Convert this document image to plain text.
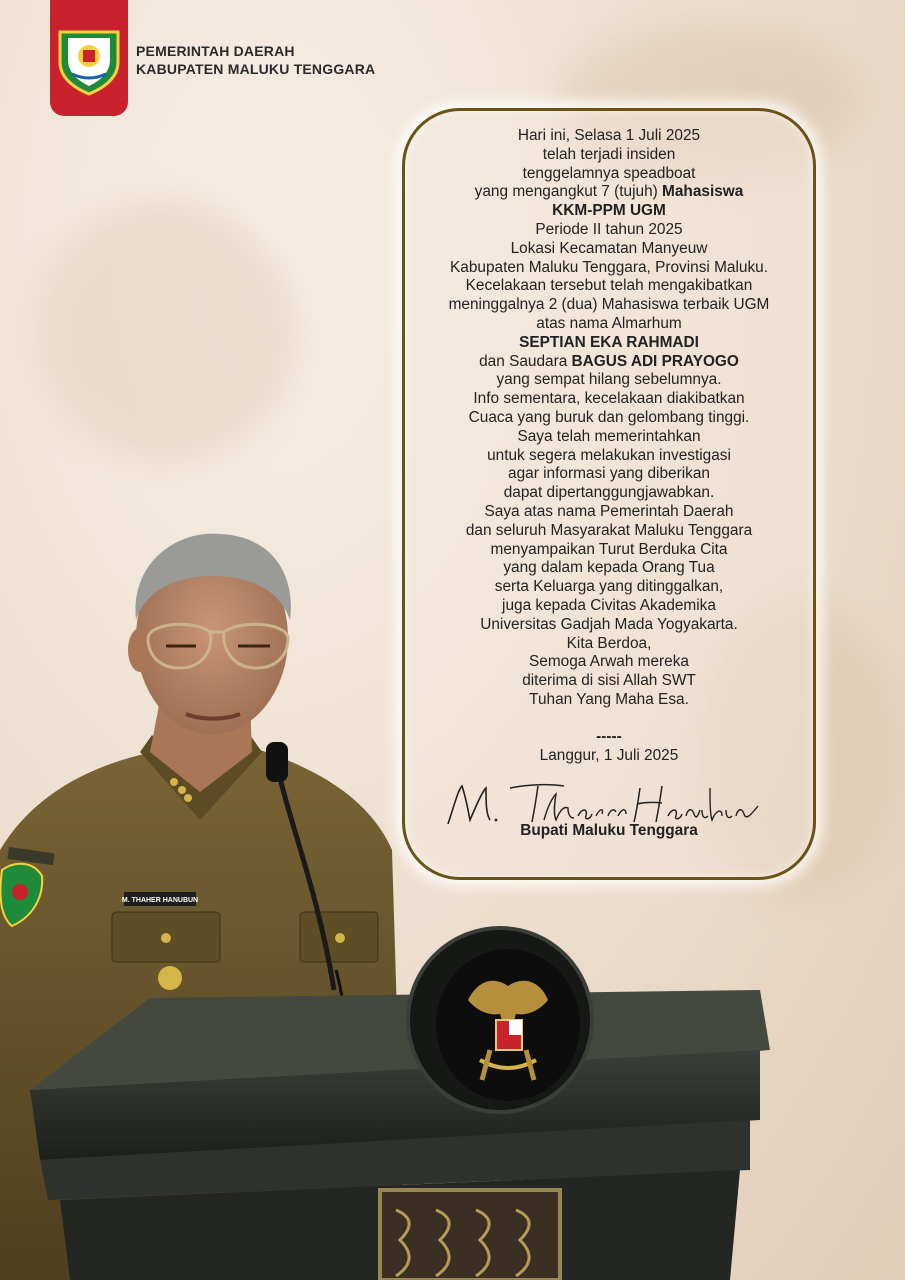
PEMERINTAH DAERAH
KABUPATEN MALUKU TENGGARA
Hari ini, Selasa 1 Juli 2025
telah terjadi insiden
tenggelamnya speadboat
yang mengangkut 7 (tujuh) Mahasiswa
KKM-PPM UGM
Periode II tahun 2025
Lokasi Kecamatan Manyeuw
Kabupaten Maluku Tenggara, Provinsi Maluku.
Kecelakaan tersebut telah mengakibatkan
meninggalnya 2 (dua) Mahasiswa terbaik UGM
atas nama Almarhum
SEPTIAN EKA RAHMADI
dan Saudara BAGUS ADI PRAYOGO
yang sempat hilang sebelumnya.
Info sementara, kecelakaan diakibatkan
Cuaca yang buruk dan gelombang tinggi.
Saya telah memerintahkan
untuk segera melakukan investigasi
agar informasi yang diberikan
dapat dipertanggungjawabkan.
Saya atas nama Pemerintah Daerah
dan seluruh Masyarakat Maluku Tenggara
menyampaikan Turut Berduka Cita
yang dalam kepada Orang Tua
serta Keluarga yang ditinggalkan,
juga kepada Civitas Akademika
Universitas Gadjah Mada Yogyakarta.
Kita Berdoa,
Semoga Arwah mereka
diterima di sisi Allah SWT
Tuhan Yang Maha Esa.
-----
Langgur, 1 Juli 2025
Bupati Maluku Tenggara
M. THAHER HANUBUN
